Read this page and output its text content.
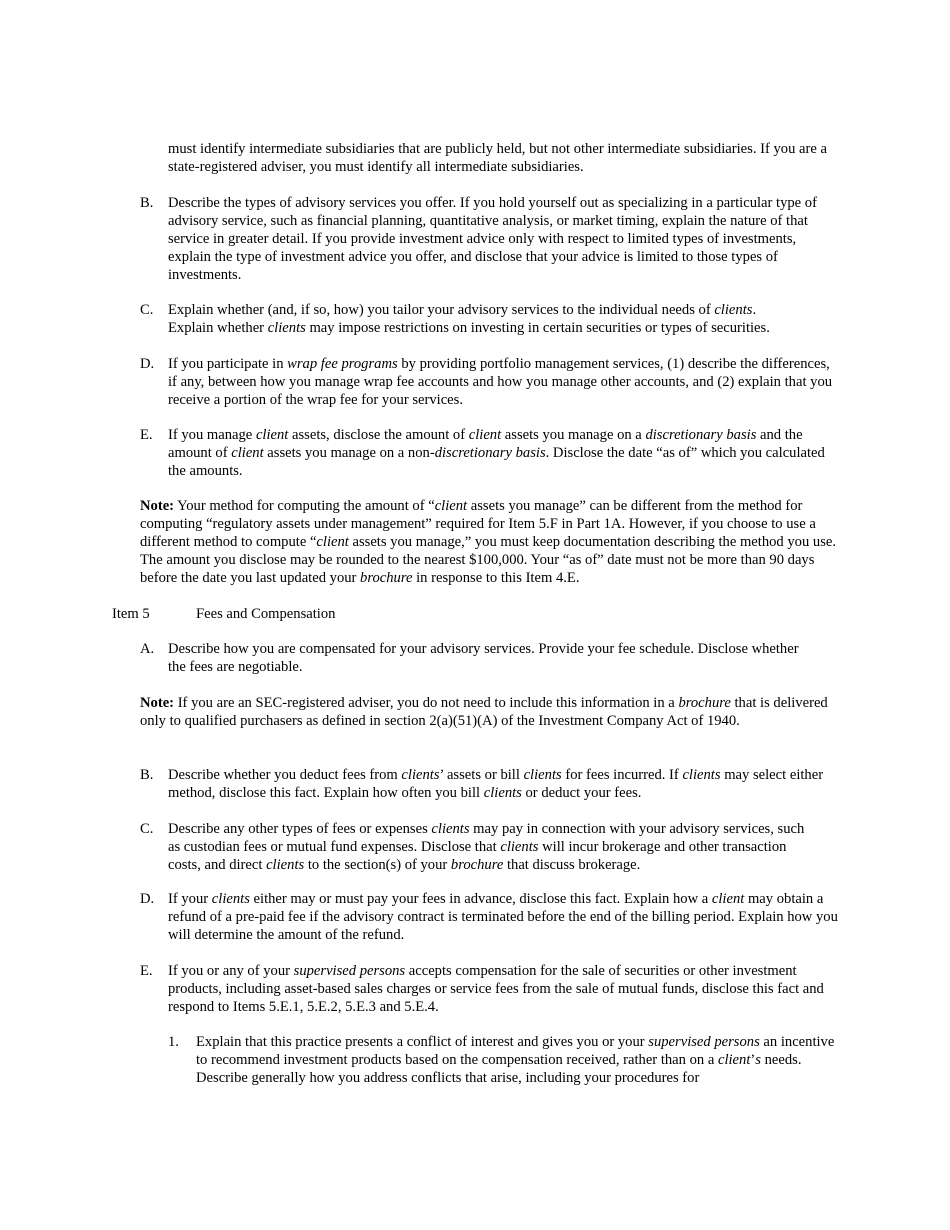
must identify intermediate subsidiaries that are publicly held, but not other intermediate subsidiaries. If you are a state-registered adviser, you must identify all intermediate subsidiaries.

B. Describe the types of advisory services you offer. If you hold yourself out as specializing in a particular type of advisory service, such as financial planning, quantitative analysis, or market timing, explain the nature of that service in greater detail. If you provide investment advice only with respect to limited types of investments, explain the type of investment advice you offer, and disclose that your advice is limited to those types of investments.

C. Explain whether (and, if so, how) you tailor your advisory services to the individual needs of clients.

Explain whether clients may impose restrictions on investing in certain securities or types of securities.

D. If you participate in wrap fee programs by providing portfolio management services, (1) describe the differences, if any, between how you manage wrap fee accounts and how you manage other accounts, and (2) explain that you receive a portion of the wrap fee for your services.

E. If you manage client assets, disclose the amount of client assets you manage on a discretionary basis and the amount of client assets you manage on a non-discretionary basis. Disclose the date “as of” which you calculated the amounts.

Note: Your method for computing the amount of “client assets you manage” can be different from the method for computing “regulatory assets under management” required for Item 5.F in Part 1A. However, if you choose to use a different method to compute “client assets you manage,” you must keep documentation describing the method you use. The amount you disclose may be rounded to the nearest $100,000. Your “as of” date must not be more than 90 days before the date you last updated your brochure in response to this Item 4.E.

Item 5	Fees and Compensation
A. Describe how you are compensated for your advisory services. Provide your fee schedule. Disclose whether the fees are negotiable.

Note: If you are an SEC-registered adviser, you do not need to include this information in a brochure that is delivered only to qualified purchasers as defined in section 2(a)(51)(A) of the Investment Company Act of 1940.

B. Describe whether you deduct fees from clients’ assets or bill clients for fees incurred. If clients may select either method, disclose this fact. Explain how often you bill clients or deduct your fees.

C. Describe any other types of fees or expenses clients may pay in connection with your advisory services, such as custodian fees or mutual fund expenses. Disclose that clients will incur brokerage and other transaction costs, and direct clients to the section(s) of your brochure that discuss brokerage.

D. If your clients either may or must pay your fees in advance, disclose this fact. Explain how a client may obtain a refund of a pre-paid fee if the advisory contract is terminated before the end of the billing period. Explain how you will determine the amount of the refund.

E. If you or any of your supervised persons accepts compensation for the sale of securities or other investment products, including asset-based sales charges or service fees from the sale of mutual funds, disclose this fact and respond to Items 5.E.1, 5.E.2, 5.E.3 and 5.E.4.

1. Explain that this practice presents a conflict of interest and gives you or your supervised persons an incentive to recommend investment products based on the compensation received, rather than on a client’s needs. Describe generally how you address conflicts that arise, including your procedures for
